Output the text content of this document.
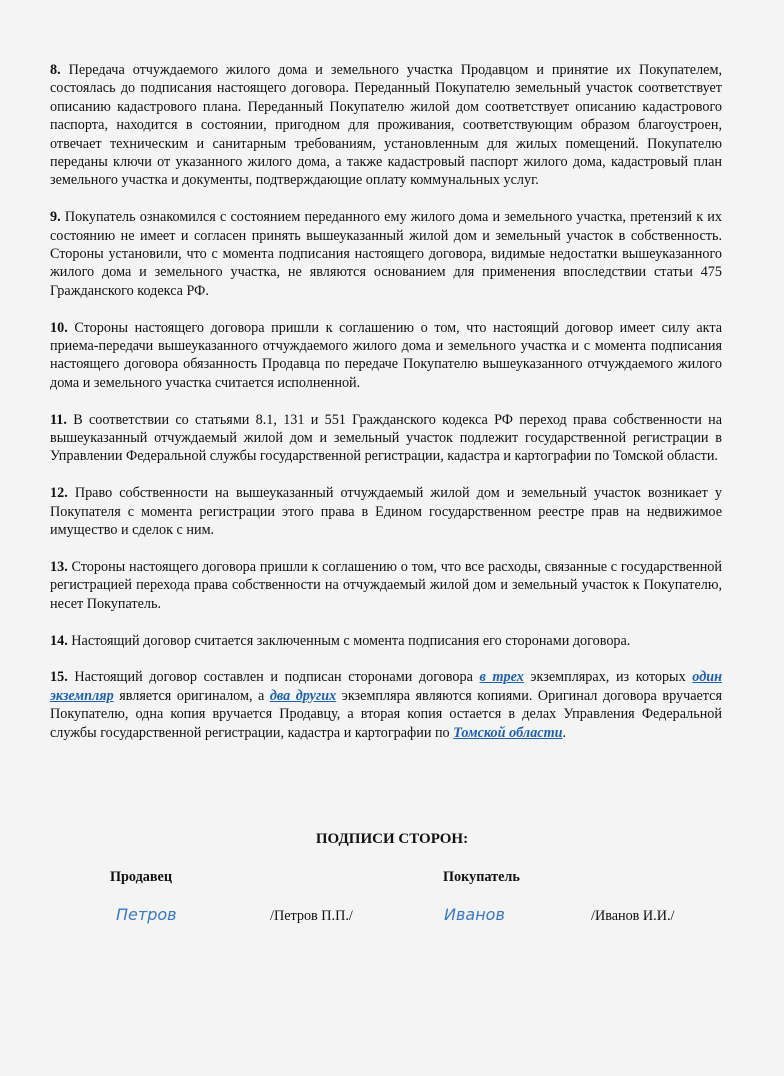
8. Передача отчуждаемого жилого дома и земельного участка Продавцом и принятие их Покупателем, состоялась до подписания настоящего договора. Переданный Покупателю земельный участок соответствует описанию кадастрового плана. Переданный Покупателю жилой дом соответствует описанию кадастрового паспорта, находится в состоянии, пригодном для проживания, соответствующим образом благоустроен, отвечает техническим и санитарным требованиям, установленным для жилых помещений. Покупателю переданы ключи от указанного жилого дома, а также кадастровый паспорт жилого дома, кадастровый план земельного участка и документы, подтверждающие оплату коммунальных услуг.

9. Покупатель ознакомился с состоянием переданного ему жилого дома и земельного участка, претензий к их состоянию не имеет и согласен принять вышеуказанный жилой дом и земельный участок в собственность. Стороны установили, что с момента подписания настоящего договора, видимые недостатки вышеуказанного жилого дома и земельного участка, не являются основанием для применения впоследствии статьи 475 Гражданского кодекса РФ.

10. Стороны настоящего договора пришли к соглашению о том, что настоящий договор имеет силу акта приема-передачи вышеуказанного отчуждаемого жилого дома и земельного участка и с момента подписания настоящего договора обязанность Продавца по передаче Покупателю вышеуказанного отчуждаемого жилого дома и земельного участка считается исполненной.

11. В соответствии со статьями 8.1, 131 и 551 Гражданского кодекса РФ переход права собственности на вышеуказанный отчуждаемый жилой дом и земельный участок подлежит государственной регистрации в Управлении Федеральной службы государственной регистрации, кадастра и картографии по Томской области.

12. Право собственности на вышеуказанный отчуждаемый жилой дом и земельный участок возникает у Покупателя с момента регистрации этого права в Едином государственном реестре прав на недвижимое имущество и сделок с ним.

13. Стороны настоящего договора пришли к соглашению о том, что все расходы, связанные с государственной регистрацией перехода права собственности на отчуждаемый жилой дом и земельный участок к Покупателю, несет Покупатель.

14. Настоящий договор считается заключенным с момента подписания его сторонами договора.

15. Настоящий договор составлен и подписан сторонами договора в трех экземплярах, из которых один экземпляр является оригиналом, а два других экземпляра являются копиями. Оригинал договора вручается Покупателю, одна копия вручается Продавцу, а вторая копия остается в делах Управления Федеральной службы государственной регистрации, кадастра и картографии по Томской области.

ПОДПИСИ СТОРОН:
Продавец	Покупатель
Петров	/Петров П.П./	Иванов	/Иванов И.И./
